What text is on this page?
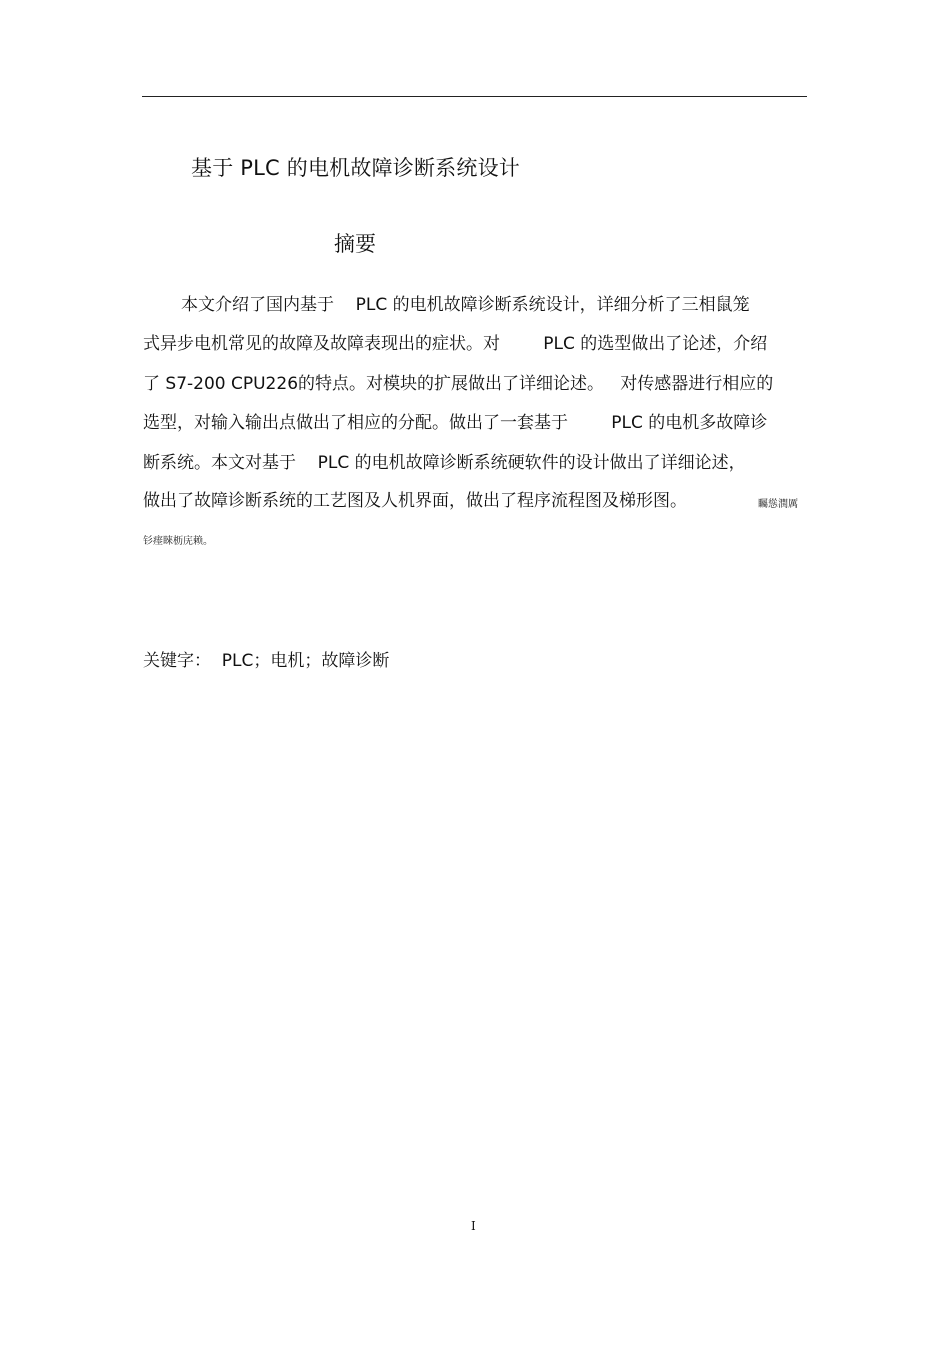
基于 PLC 的电机故障诊断系统设计
摘要
本文介绍了国内基于    PLC 的电机故障诊断系统设计，详细分析了三相鼠笼
式异步电机常见的故障及故障表现出的症状。对        PLC 的选型做出了论述，介绍
了 S7-200 CPU226的特点。对模块的扩展做出了详细论述。   对传感器进行相应的
选型，对输入输出点做出了相应的分配。做出了一套基于        PLC 的电机多故障诊
断系统。本文对基于    PLC 的电机故障诊断系统硬软件的设计做出了详细论述，
做出了故障诊断系统的工艺图及人机界面，做出了程序流程图及梯形图。	矚慫潤厲
钐瘗睞枥庑赖。
关键字：  PLC；电机；故障诊断
I
